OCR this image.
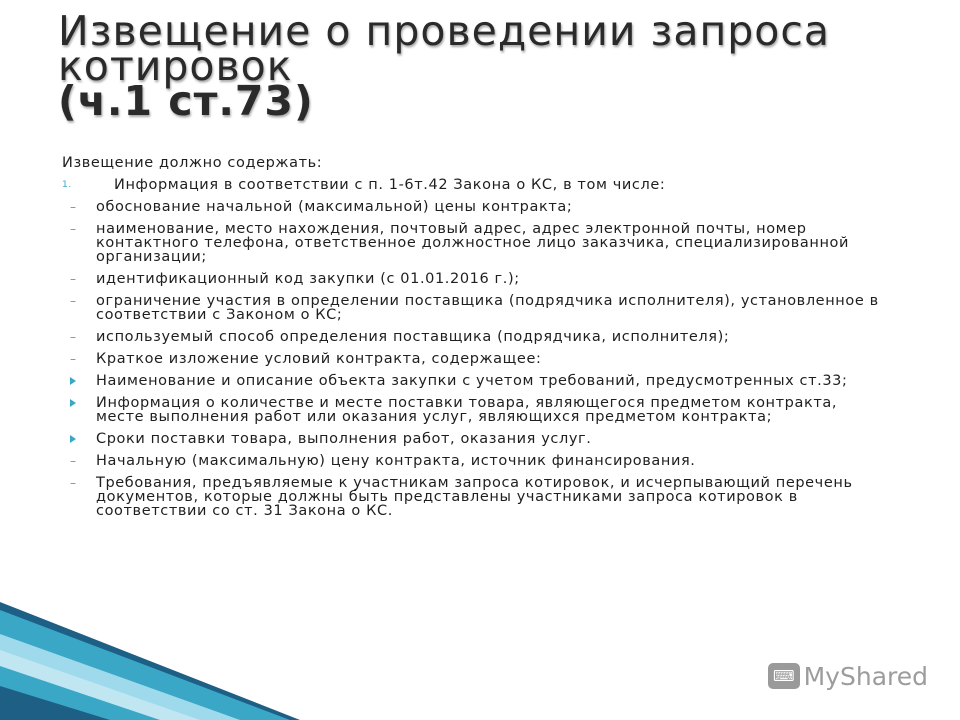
Извещение о проведении запроса
котировок
(ч.1 ст.73)

Извещение должно содержать:

1.	Информация в соответствии с п. 1-6т.42 Закона о КС, в том числе:
– обоснование начальной (максимальной) цены контракта;
– наименование, место нахождения, почтовый адрес, адрес электронной почты, номер контактного телефона, ответственное должностное лицо заказчика, специализированной организации;
– идентификационный код закупки (с 01.01.2016 г.);
– ограничение участия в определении поставщика (подрядчика исполнителя), установленное в соответствии с Законом о КС;
– используемый способ определения поставщика (подрядчика, исполнителя);
– Краткое изложение условий контракта, содержащее:
Наименование и описание объекта закупки с учетом требований, предусмотренных ст.33;
Информация о количестве и месте поставки товара, являющегося предметом контракта, месте выполнения работ или оказания услуг, являющихся предметом контракта;
Сроки поставки товара, выполнения работ, оказания услуг.
– Начальную (максимальную) цену контракта, источник финансирования.
– Требования, предъявляемые к участникам запроса котировок, и исчерпывающий перечень документов, которые должны быть представлены участниками запроса котировок в соответствии со ст. 31 Закона о КС.
⌨ MyShared
